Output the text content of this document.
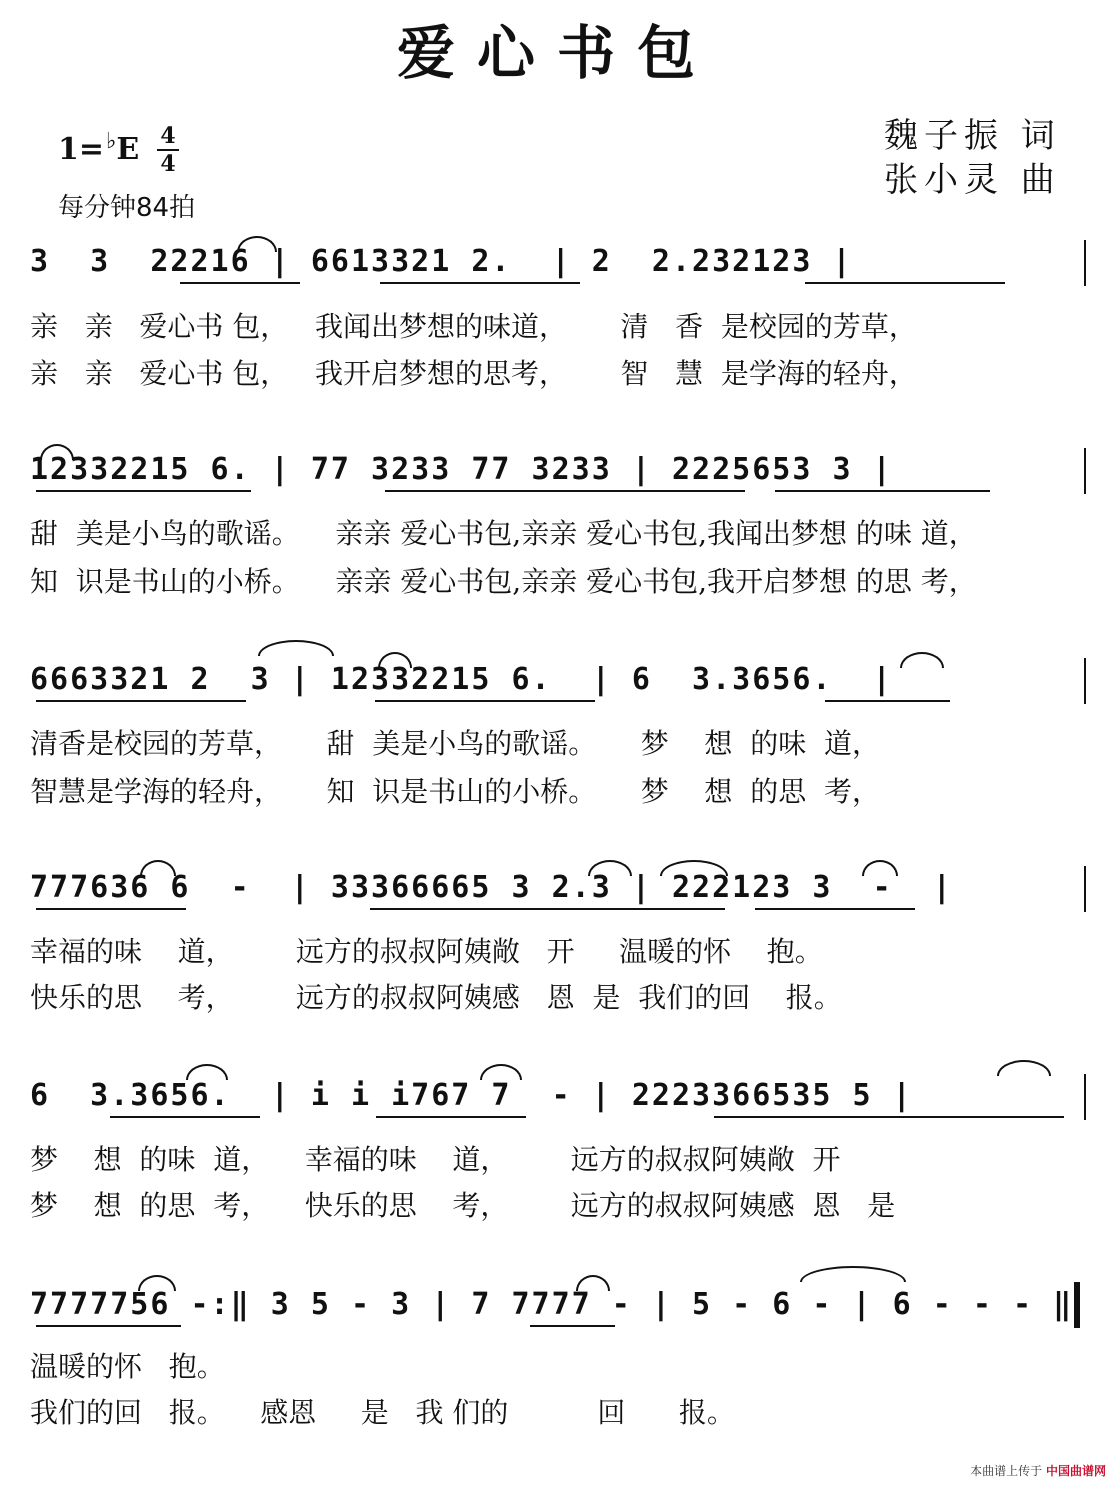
爱心书包
1=♭E 4
4
每分钟84拍
魏子振 词
张小灵 曲
3  3  22216 | 6613321 2.  | 2  2.232123 |
亲   亲   爱心书 包，   我闻出梦想的味道，      清   香  是校园的芳草，
亲   亲   爱心书 包，   我开启梦想的思考，      智   慧  是学海的轻舟，
12332215 6. | 77 3233 77 3233 | 2225653 3 |
甜  美是小鸟的歌谣。    亲亲 爱心书包,亲亲 爱心书包,我闻出梦想 的味 道，
知  识是书山的小桥。    亲亲 爱心书包,亲亲 爱心书包,我开启梦想 的思 考，
6663321 2  3 | 12332215 6.  | 6  3.3656.  |
清香是校园的芳草，     甜  美是小鸟的歌谣。     梦    想  的味  道，
智慧是学海的轻舟，     知  识是书山的小桥。     梦    想  的思  考，
777636 6  -  | 33366665 3 2.3 | 222123 3  -  |
幸福的味    道，       远方的叔叔阿姨敞   开     温暖的怀    抱。
快乐的思    考，       远方的叔叔阿姨感   恩  是  我们的回    报。
6  3.3656.  | i i i767 7  - | 2223366535 5 |
梦    想  的味  道，    幸福的味    道，       远方的叔叔阿姨敞  开
梦    想  的思  考，    快乐的思    考，       远方的叔叔阿姨感  恩   是
7777756 -:‖ 3 5 - 3 | 7 7777 - | 5 - 6 - | 6 - - - ‖
温暖的怀   抱。
我们的回   报。    感恩     是   我 们的          回      报。
本曲谱上传于 中国曲谱网
